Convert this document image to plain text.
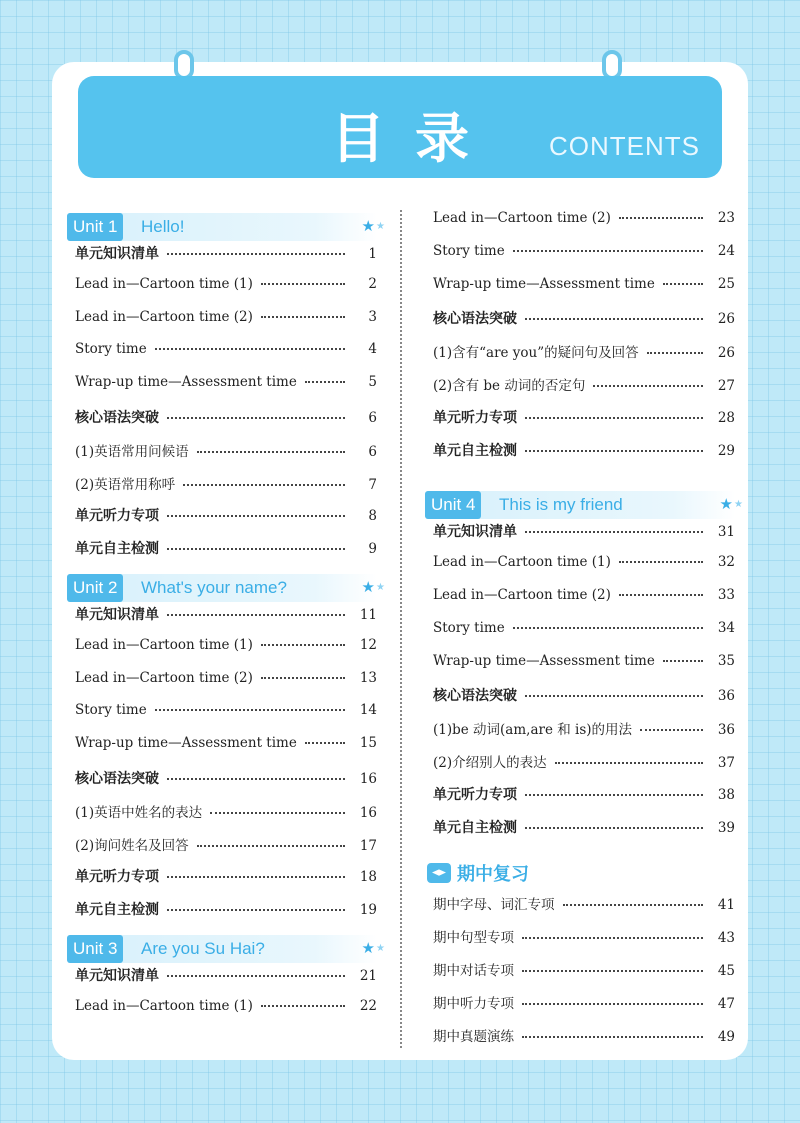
目录	CONTENTS
Unit 1	Hello!	★ ★
单元知识清单	1
Lead in—Cartoon time (1)	2
Lead in—Cartoon time (2)	3
Story time	4
Wrap-up time—Assessment time	5
核心语法突破	6
(1)英语常用问候语	6
(2)英语常用称呼	7
单元听力专项	8
单元自主检测	9
Unit 2	What's your name?	★ ★
单元知识清单	11
Lead in—Cartoon time (1)	12
Lead in—Cartoon time (2)	13
Story time	14
Wrap-up time—Assessment time	15
核心语法突破	16
(1)英语中姓名的表达	16
(2)询问姓名及回答	17
单元听力专项	18
单元自主检测	19
Unit 3	Are you Su Hai?	★ ★
单元知识清单	21
Lead in—Cartoon time (1)	22
Lead in—Cartoon time (2)	23
Story time	24
Wrap-up time—Assessment time	25
核心语法突破	26
(1)含有“are you”的疑问句及回答	26
(2)含有 be 动词的否定句	27
单元听力专项	28
单元自主检测	29
Unit 4	This is my friend	★ ★
单元知识清单	31
Lead in—Cartoon time (1)	32
Lead in—Cartoon time (2)	33
Story time	34
Wrap-up time—Assessment time	35
核心语法突破	36
(1)be 动词(am,are 和 is)的用法	36
(2)介绍别人的表达	37
单元听力专项	38
单元自主检测	39
期中复习
期中字母、词汇专项	41
期中句型专项	43
期中对话专项	45
期中听力专项	47
期中真题演练	49
